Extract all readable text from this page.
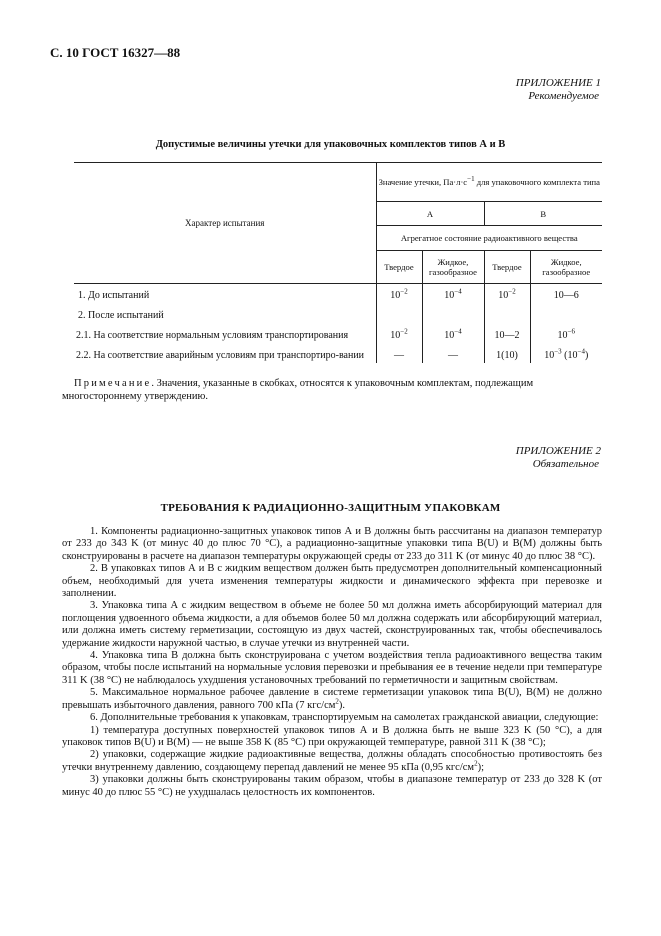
С. 10 ГОСТ 16327—88
ПРИЛОЖЕНИЕ 1
Рекомендуемое
Допустимые величины утечки для упаковочных комплектов типов А и В
Характер испытания	Значение утечки, $Па\cdot л\cdot с^{-1}$ для упаковочного комплекта типа			
	А		В	
	Агрегатное состояние радиоактивного вещества			
	Твердое	Жидкое, газообразное	Твердое	Жидкое, газообразное
1. До испытаний	$10^{-2}$	$10^{-4}$	$10^{-2}$	10—6
2. После испытаний				
2.1. На соответствие нормальным условиям транспортирования	$10^{-2}$	$10^{-4}$	10—2	$10^{-6}$
2.2. На соответствие аварийным условиям при транспортиро-вании	—	—	1(10)	$10^{-3}$ $(10^{-4})$
Примечание. Значения, указанные в скобках, относятся к упаковочным комплектам, подлежащим многостороннему утверждению.
ПРИЛОЖЕНИЕ 2
Обязательное
ТРЕБОВАНИЯ К РАДИАЦИОННО-ЗАЩИТНЫМ УПАКОВКАМ

1. Компоненты радиационно-защитных упаковок типов А и В должны быть рассчитаны на диапазон температур от 233 до 343 K (от минус 40 до плюс 70 °C), а радиационно-защитные упаковки типа B(U) и B(M) должны быть сконструированы в расчете на диапазон температуры окружающей среды от 233 до 311 K (от минус 40 до плюс 38 °C).

2. В упаковках типов А и В с жидким веществом должен быть предусмотрен дополнительный компенсационный объем, необходимый для учета изменения температуры жидкости и динамического эффекта при перевозке и заполнении.

3. Упаковка типа А с жидким веществом в объеме не более 50 мл должна иметь абсорбирующий материал для поглощения удвоенного объема жидкости, а для объемов более 50 мл должна содержать или абсорбирующий материал, или должна иметь систему герметизации, состоящую из двух частей, сконструированных так, чтобы обеспечивалось удержание жидкости наружной частью, в случае утечки из внутренней части.

4. Упаковка типа В должна быть сконструирована с учетом воздействия тепла радиоактивного вещества таким образом, чтобы после испытаний на нормальные условия перевозки и пребывания ее в течение недели при температуре 311 K (38 °C) не наблюдалось ухудшения установочных требований по герметичности и защитным свойствам.

5. Максимальное нормальное рабочее давление в системе герметизации упаковок типа B(U), B(M) не должно превышать избыточного давления, равного 700 кПа (7 кгс/$см^2$).

6. Дополнительные требования к упаковкам, транспортируемым на самолетах гражданской авиации, следующие:

1) температура доступных поверхностей упаковок типов А и В должна быть не выше 323 K (50 °C), а для упаковок типов B(U) и B(M) — не выше 358 K (85 °C) при окружающей температуре, равной 311 K (38 °C);

2) упаковки, содержащие жидкие радиоактивные вещества, должны обладать способностью противостоять без утечки внутреннему давлению, создающему перепад давлений не менее 95 кПа (0,95 кгс/$см^2$);

3) упаковки должны быть сконструированы таким образом, чтобы в диапазоне температур от 233 до 328 K (от минус 40 до плюс 55 °C) не ухудшалась целостность их компонентов.
